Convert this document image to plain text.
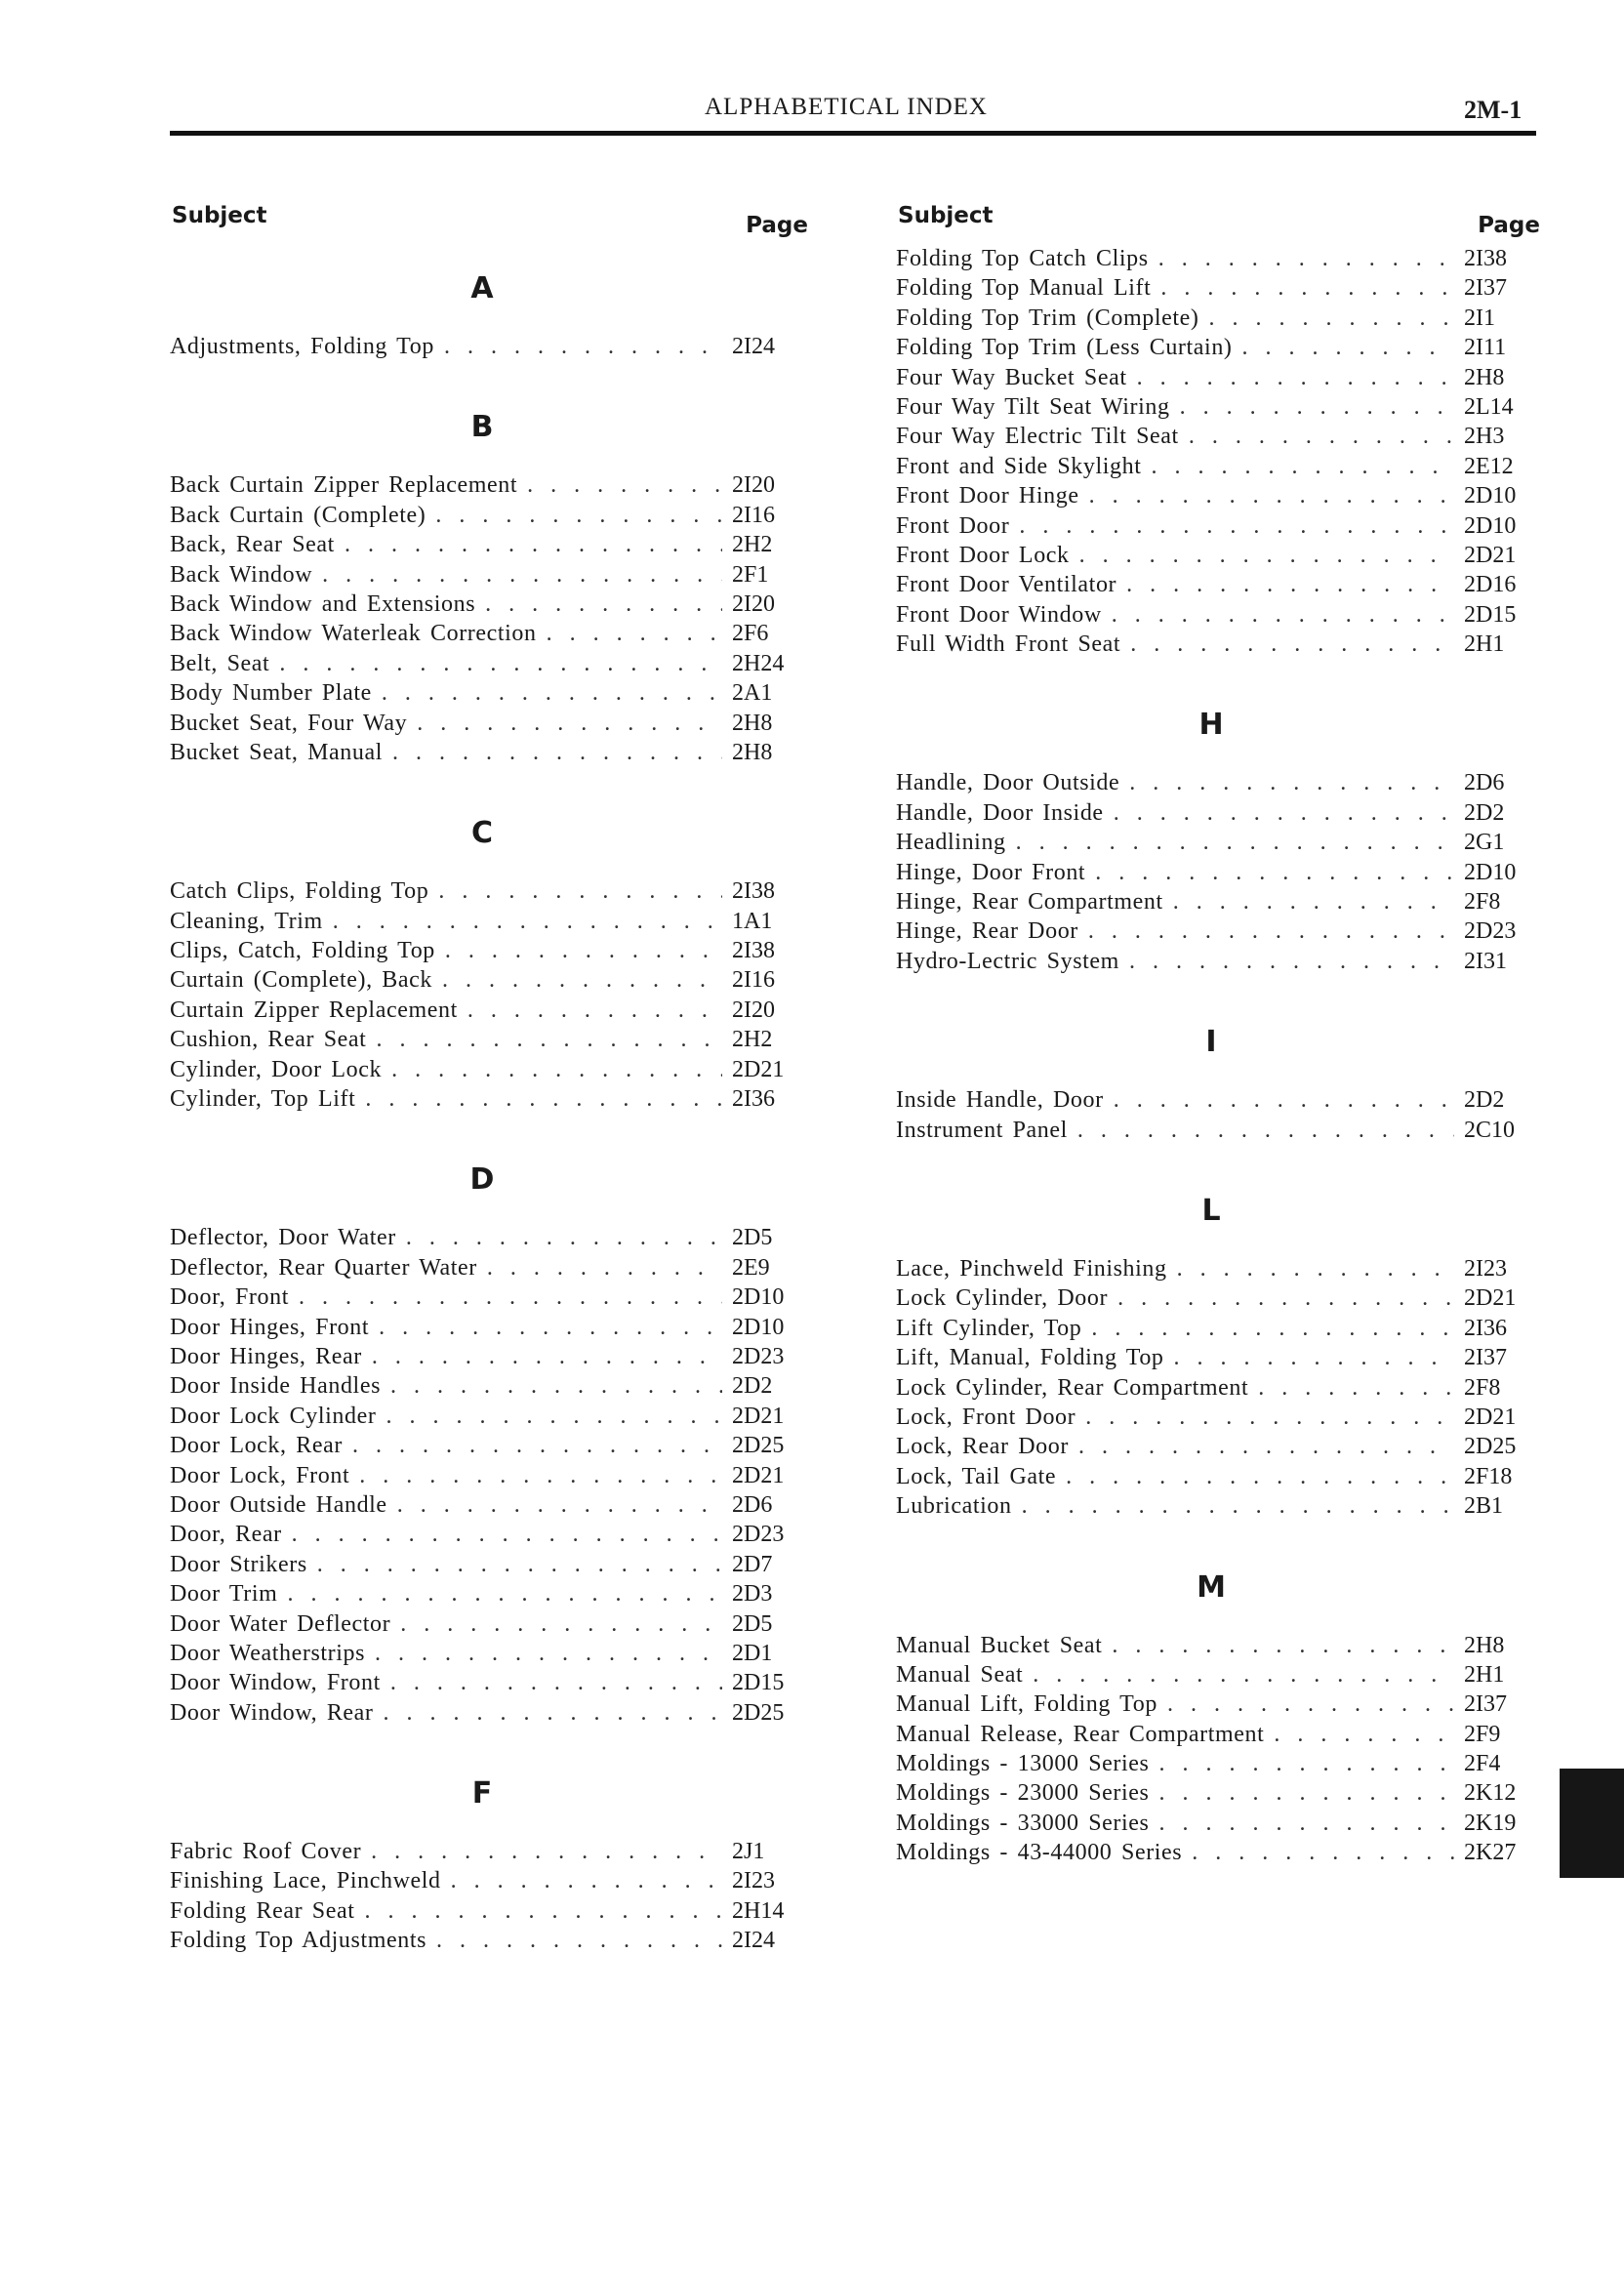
ALPHABETICAL INDEX	2M-1
Subject	Page
A
Adjustments, Folding Top . . .	2I24
B
Back Curtain Zipper Replacement . . .	2I20
Back Curtain (Complete) . . .	2I16
Back, Rear Seat . . .	2H2
Back Window . . .	2F1
Back Window and Extensions . . .	2I20
Back Window Waterleak Correction . . .	2F6
Belt, Seat . . .	2H24
Body Number Plate . . .	2A1
Bucket Seat, Four Way . . .	2H8
Bucket Seat, Manual . . .	2H8
C
Catch Clips, Folding Top . . .	2I38
Cleaning, Trim . . .	1A1
Clips, Catch, Folding Top . . .	2I38
Curtain (Complete), Back . . .	2I16
Curtain Zipper Replacement . . .	2I20
Cushion, Rear Seat . . .	2H2
Cylinder, Door Lock . . .	2D21
Cylinder, Top Lift . . .	2I36
D
Deflector, Door Water . . .	2D5
Deflector, Rear Quarter Water . . .	2E9
Door, Front . . .	2D10
Door Hinges, Front . . .	2D10
Door Hinges, Rear . . .	2D23
Door Inside Handles . . .	2D2
Door Lock Cylinder . . .	2D21
Door Lock, Rear . . .	2D25
Door Lock, Front . . .	2D21
Door Outside Handle . . .	2D6
Door, Rear . . .	2D23
Door Strikers . . .	2D7
Door Trim . . .	2D3
Door Water Deflector . . .	2D5
Door Weatherstrips . . .	2D1
Door Window, Front . . .	2D15
Door Window, Rear . . .	2D25
F
Fabric Roof Cover . . .	2J1
Finishing Lace, Pinchweld . . .	2I23
Folding Rear Seat . . .	2H14
Folding Top Adjustments . . .	2I24
Subject	Page
Folding Top Catch Clips . . .	2I38
Folding Top Manual Lift . . .	2I37
Folding Top Trim (Complete) . . .	2I1
Folding Top Trim (Less Curtain) . . .	2I11
Four Way Bucket Seat . . .	2H8
Four Way Tilt Seat Wiring . . .	2L14
Four Way Electric Tilt Seat . . .	2H3
Front and Side Skylight . . .	2E12
Front Door Hinge . . .	2D10
Front Door . . .	2D10
Front Door Lock . . .	2D21
Front Door Ventilator . . .	2D16
Front Door Window . . .	2D15
Full Width Front Seat . . .	2H1
H
Handle, Door Outside . . .	2D6
Handle, Door Inside . . .	2D2
Headlining . . .	2G1
Hinge, Door Front . . .	2D10
Hinge, Rear Compartment . . .	2F8
Hinge, Rear Door . . .	2D23
Hydro-Lectric System . . .	2I31
I
Inside Handle, Door . . .	2D2
Instrument Panel . . .	2C10
L
Lace, Pinchweld Finishing . . .	2I23
Lock Cylinder, Door . . .	2D21
Lift Cylinder, Top . . .	2I36
Lift, Manual, Folding Top . . .	2I37
Lock Cylinder, Rear Compartment . . .	2F8
Lock, Front Door . . .	2D21
Lock, Rear Door . . .	2D25
Lock, Tail Gate . . .	2F18
Lubrication . . .	2B1
M
Manual Bucket Seat . . .	2H8
Manual Seat . . .	2H1
Manual Lift, Folding Top . . .	2I37
Manual Release, Rear Compartment . . .	2F9
Moldings - 13000 Series . . .	2F4
Moldings - 23000 Series . . .	2K12
Moldings - 33000 Series . . .	2K19
Moldings - 43-44000 Series . . .	2K27
